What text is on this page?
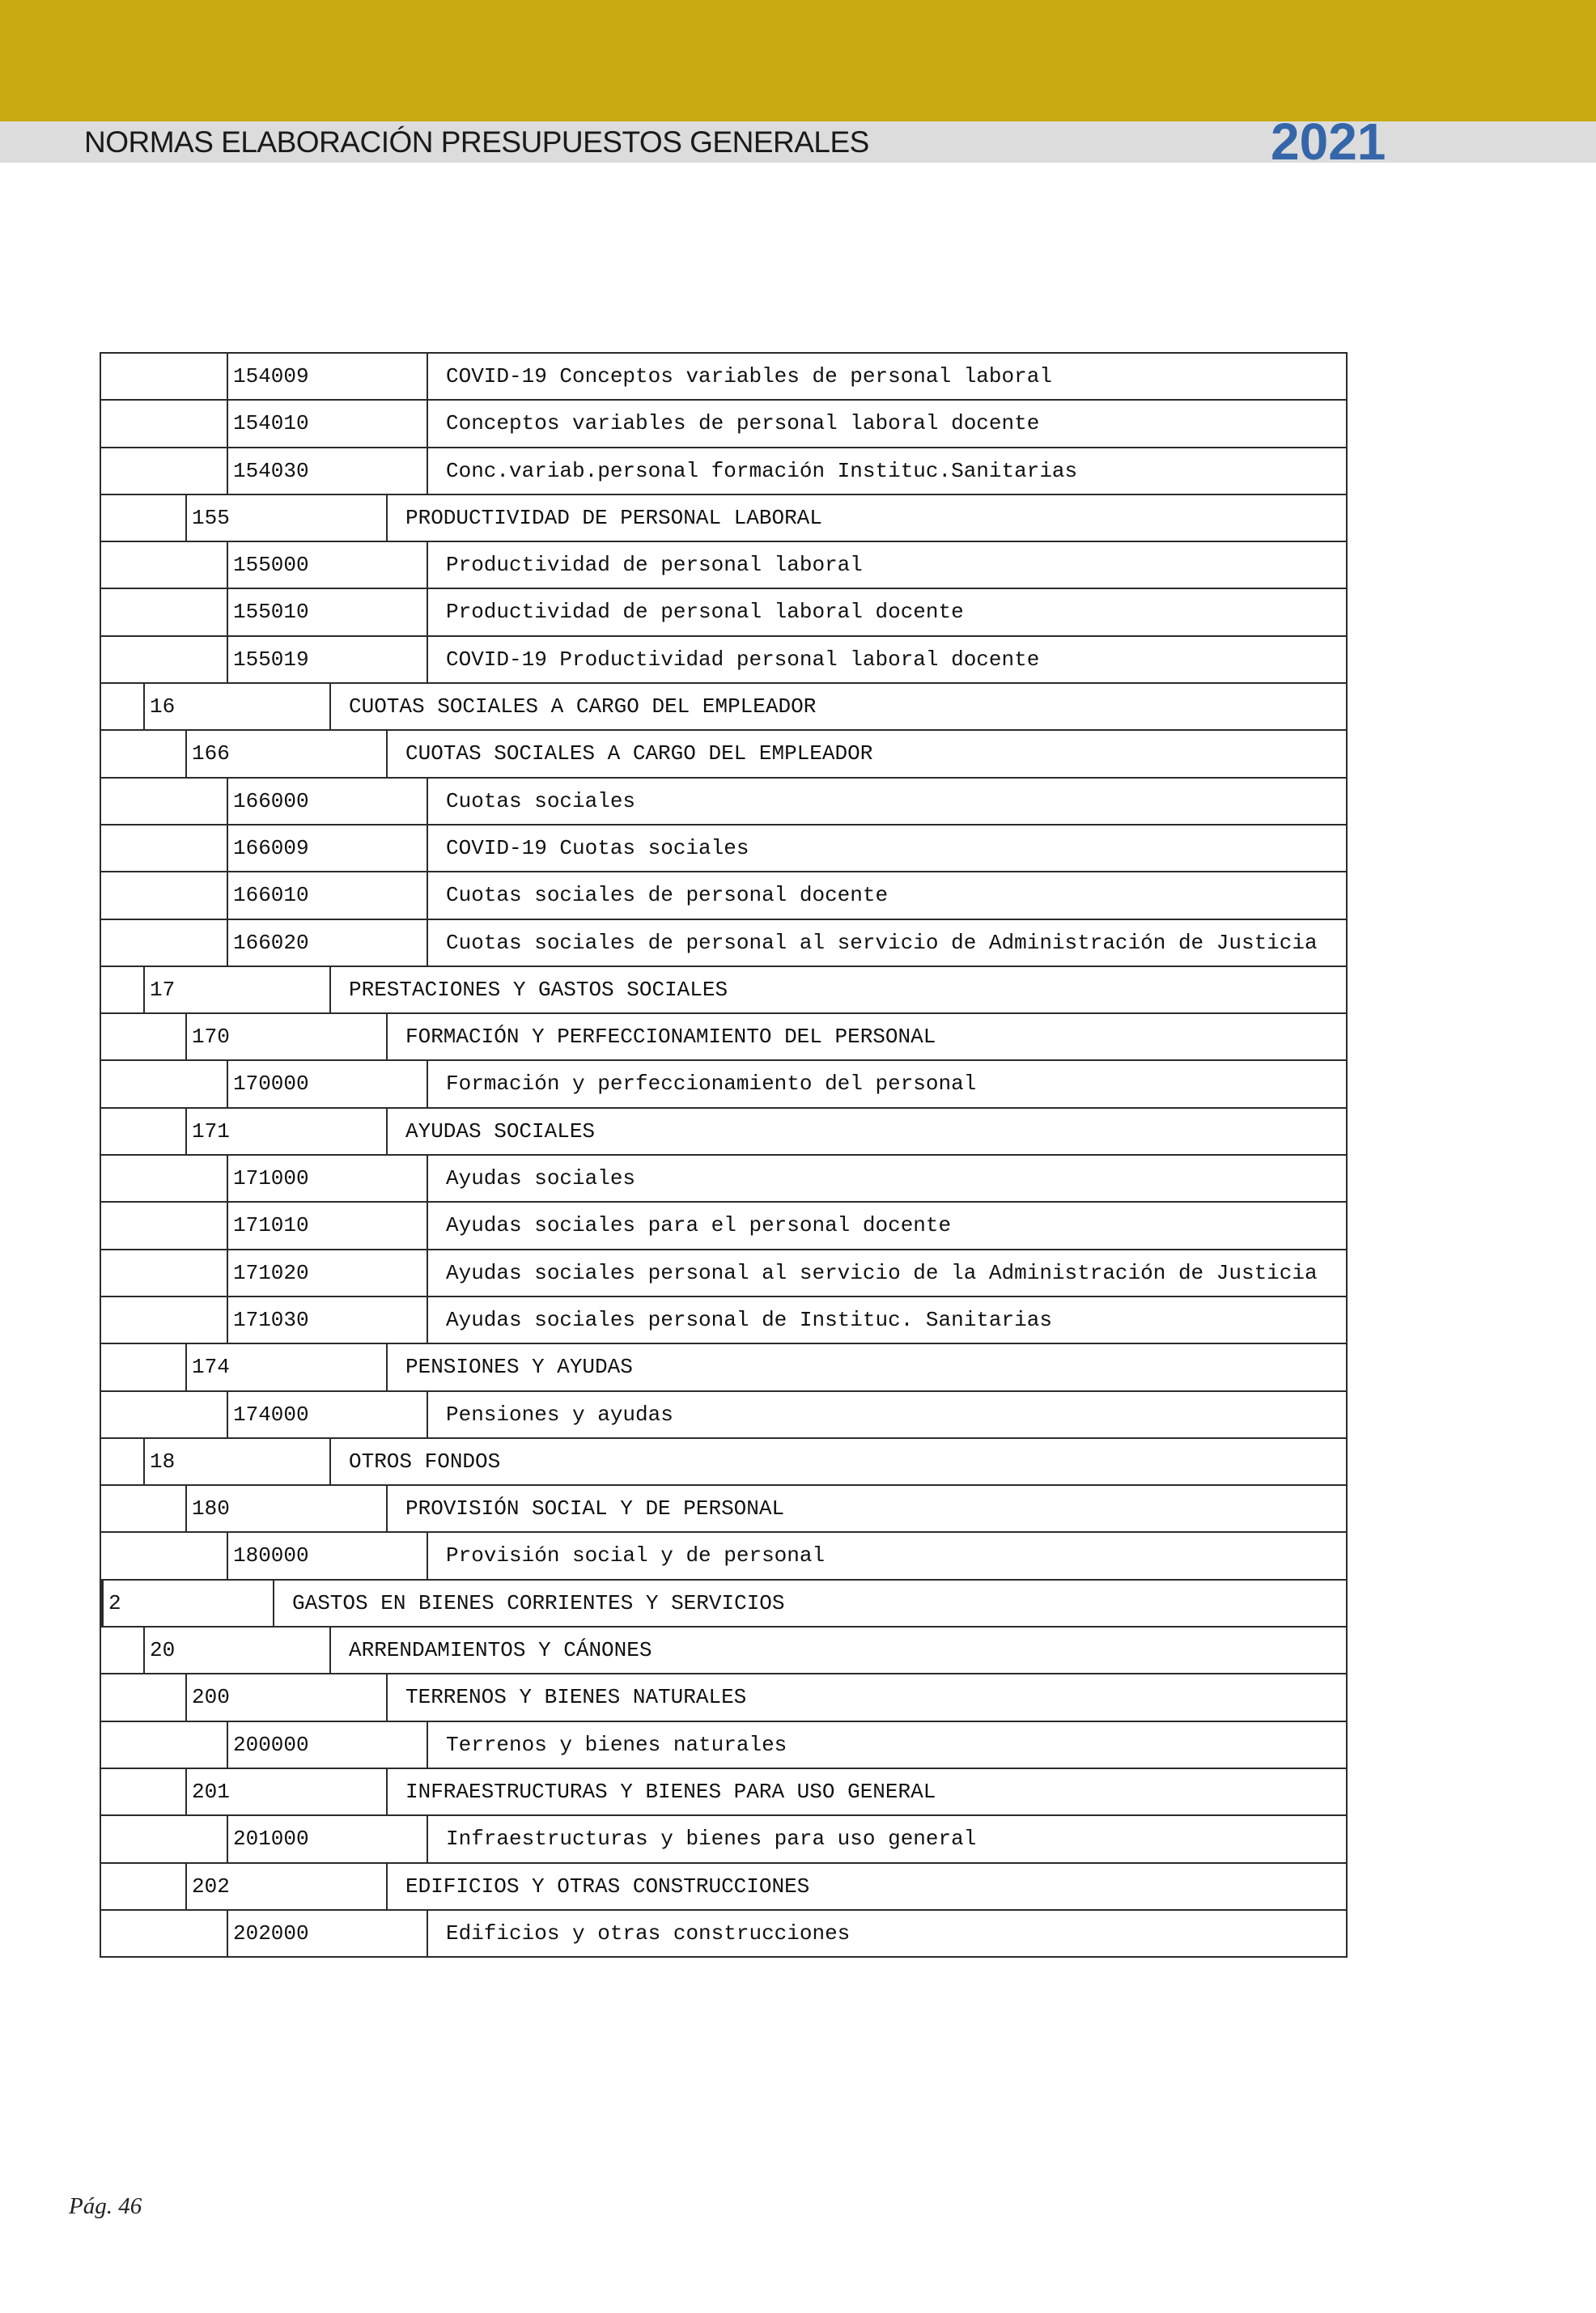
NORMAS ELABORACIÓN PRESUPUESTOS GENERALES	2021
154009	COVID-19 Conceptos variables de personal laboral
154010	Conceptos variables de personal laboral docente
154030	Conc.variab.personal formación Instituc.Sanitarias
155	PRODUCTIVIDAD DE PERSONAL LABORAL
155000	Productividad de personal laboral
155010	Productividad de personal laboral docente
155019	COVID-19 Productividad personal laboral docente
16	CUOTAS SOCIALES A CARGO DEL EMPLEADOR
166	CUOTAS SOCIALES A CARGO DEL EMPLEADOR
166000	Cuotas sociales
166009	COVID-19 Cuotas sociales
166010	Cuotas sociales de personal docente
166020	Cuotas sociales de personal al servicio de Administración de Justicia
17	PRESTACIONES Y GASTOS SOCIALES
170	FORMACIÓN Y PERFECCIONAMIENTO DEL PERSONAL
170000	Formación y perfeccionamiento del personal
171	AYUDAS SOCIALES
171000	Ayudas sociales
171010	Ayudas sociales para el personal docente
171020	Ayudas sociales personal al servicio de la Administración de Justicia
171030	Ayudas sociales personal de Instituc. Sanitarias
174	PENSIONES Y AYUDAS
174000	Pensiones y ayudas
18	OTROS FONDOS
180	PROVISIÓN SOCIAL Y DE PERSONAL
180000	Provisión social y de personal
2	GASTOS EN BIENES CORRIENTES Y SERVICIOS
20	ARRENDAMIENTOS Y CÁNONES
200	TERRENOS Y BIENES NATURALES
200000	Terrenos y bienes naturales
201	INFRAESTRUCTURAS Y BIENES PARA USO GENERAL
201000	Infraestructuras y bienes para uso general
202	EDIFICIOS Y OTRAS CONSTRUCCIONES
202000	Edificios y otras construcciones
Pág. 46
